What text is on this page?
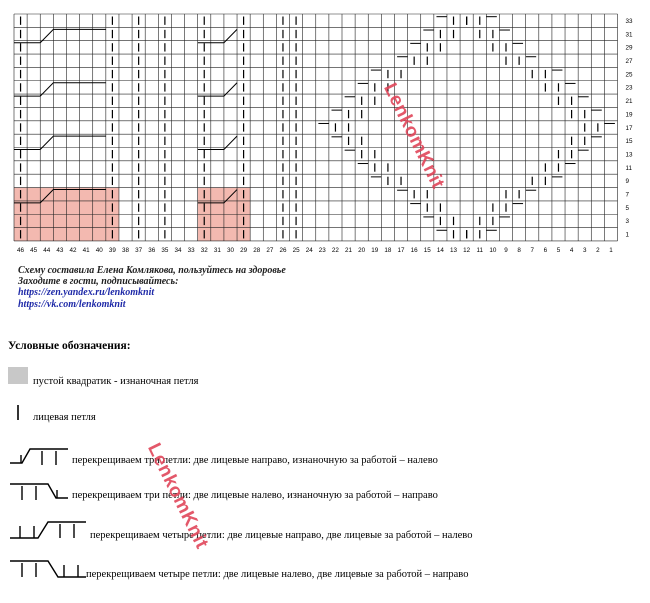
46 45 44 43 42 41 40 39 38 37 36 35 34 33 32 31 30 29 28 27 26 25 24 23 22 21 20 19 18 17 16 15 14 13 12 11 10 9 8 7 6 5 4 3 2 1
33
31
29
27
25
23
21
19
17
15
13
11
9
7
5
3
1
Схему составила Елена Комлякова, пользуйтесь на здоровье
Заходите в гости, подписывайтесь:
https://zen.yandex.ru/lenkomknit
https://vk.com/lenkomknit
Условные обозначения:
пустой квадратик - изнаночная петля
лицевая петля
перекрещиваем три петли: две лицевые направо, изнаночную за работой – налево
перекрещиваем три петли: две лицевые налево, изнаночную за работой – направо
перекрещиваем четыре петли: две лицевые направо, две лицевые за работой – налево
перекрещиваем четыре петли: две лицевые налево, две лицевые за работой – направо
LenkomKnit
LenkomKnit
